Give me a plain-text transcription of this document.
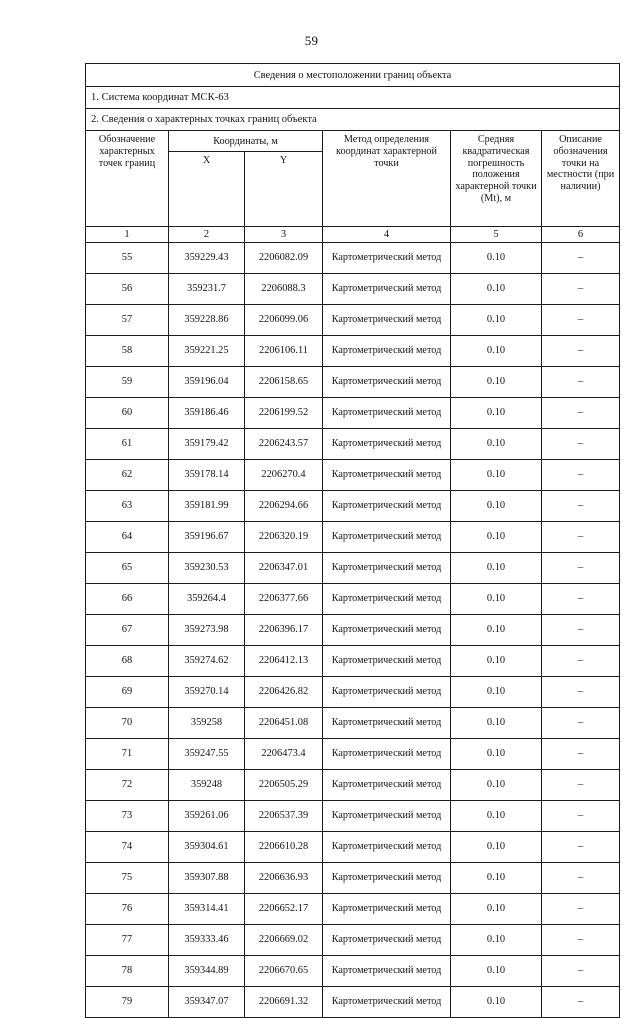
59
Сведения о местоположении границ объекта					
1. Система координат МСК-63					
2. Сведения о характерных точках границ объекта					
Обозначение характерных точек границ	Координаты, м		Метод определения координат характерной точки	Средняя квадратическая погрешность положения характерной точки (Мt), м	Описание обозначения точки на местности (при наличии)
	X	Y			
1	2	3	4	5	6
55	359229.43	2206082.09	Картометрический метод	0.10	–
56	359231.7	2206088.3	Картометрический метод	0.10	–
57	359228.86	2206099.06	Картометрический метод	0.10	–
58	359221.25	2206106.11	Картометрический метод	0.10	–
59	359196.04	2206158.65	Картометрический метод	0.10	–
60	359186.46	2206199.52	Картометрический метод	0.10	–
61	359179.42	2206243.57	Картометрический метод	0.10	–
62	359178.14	2206270.4	Картометрический метод	0.10	–
63	359181.99	2206294.66	Картометрический метод	0.10	–
64	359196.67	2206320.19	Картометрический метод	0.10	–
65	359230.53	2206347.01	Картометрический метод	0.10	–
66	359264.4	2206377.66	Картометрический метод	0.10	–
67	359273.98	2206396.17	Картометрический метод	0.10	–
68	359274.62	2206412.13	Картометрический метод	0.10	–
69	359270.14	2206426.82	Картометрический метод	0.10	–
70	359258	2206451.08	Картометрический метод	0.10	–
71	359247.55	2206473.4	Картометрический метод	0.10	–
72	359248	2206505.29	Картометрический метод	0.10	–
73	359261.06	2206537.39	Картометрический метод	0.10	–
74	359304.61	2206610.28	Картометрический метод	0.10	–
75	359307.88	2206636.93	Картометрический метод	0.10	–
76	359314.41	2206652.17	Картометрический метод	0.10	–
77	359333.46	2206669.02	Картометрический метод	0.10	–
78	359344.89	2206670.65	Картометрический метод	0.10	–
79	359347.07	2206691.32	Картометрический метод	0.10	–
